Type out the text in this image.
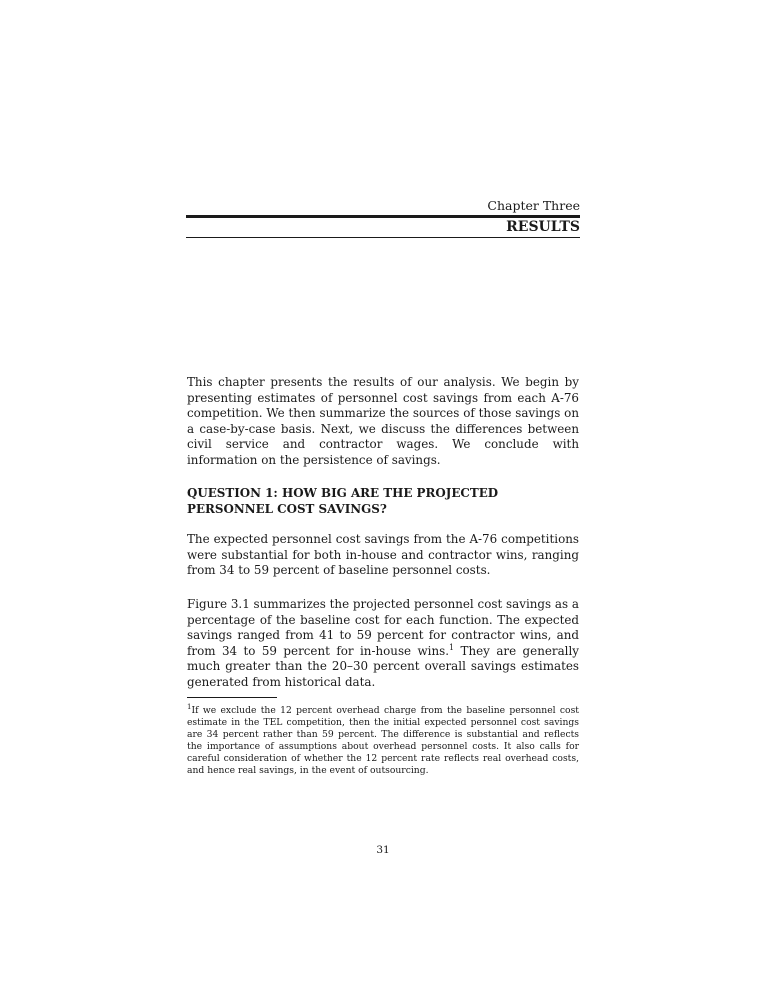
Chapter Three
RESULTS

This chapter presents the results of our analysis. We begin by presenting estimates of personnel cost savings from each A-76 competition. We then summarize the sources of those savings on a case-by-case basis. Next, we discuss the differences between civil service and contractor wages. We conclude with information on the persistence of savings.

QUESTION 1: HOW BIG ARE THE PROJECTED PERSONNEL COST SAVINGS?

The expected personnel cost savings from the A-76 competitions were substantial for both in-house and contractor wins, ranging from 34 to 59 percent of baseline personnel costs.

Figure 3.1 summarizes the projected personnel cost savings as a percentage of the baseline cost for each function. The expected savings ranged from 41 to 59 percent for contractor wins, and from 34 to 59 percent for in-house wins.$^1$ They are generally much greater than the 20–30 percent overall savings estimates generated from historical data.

$^1$If we exclude the 12 percent overhead charge from the baseline personnel cost estimate in the TEL competition, then the initial expected personnel cost savings are 34 percent rather than 59 percent. The difference is substantial and reflects the importance of assumptions about overhead personnel costs. It also calls for careful consideration of whether the 12 percent rate reflects real overhead costs, and hence real savings, in the event of outsourcing.

31
